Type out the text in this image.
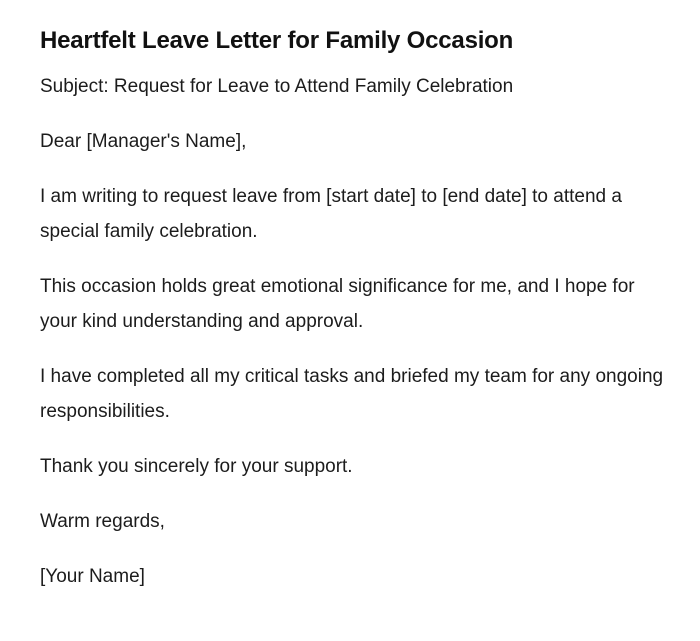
Heartfelt Leave Letter for Family Occasion

Subject: Request for Leave to Attend Family Celebration

Dear [Manager's Name],

I am writing to request leave from [start date] to [end date] to attend a special family celebration.

This occasion holds great emotional significance for me, and I hope for your kind understanding and approval.

I have completed all my critical tasks and briefed my team for any ongoing responsibilities.

Thank you sincerely for your support.

Warm regards,

[Your Name]
